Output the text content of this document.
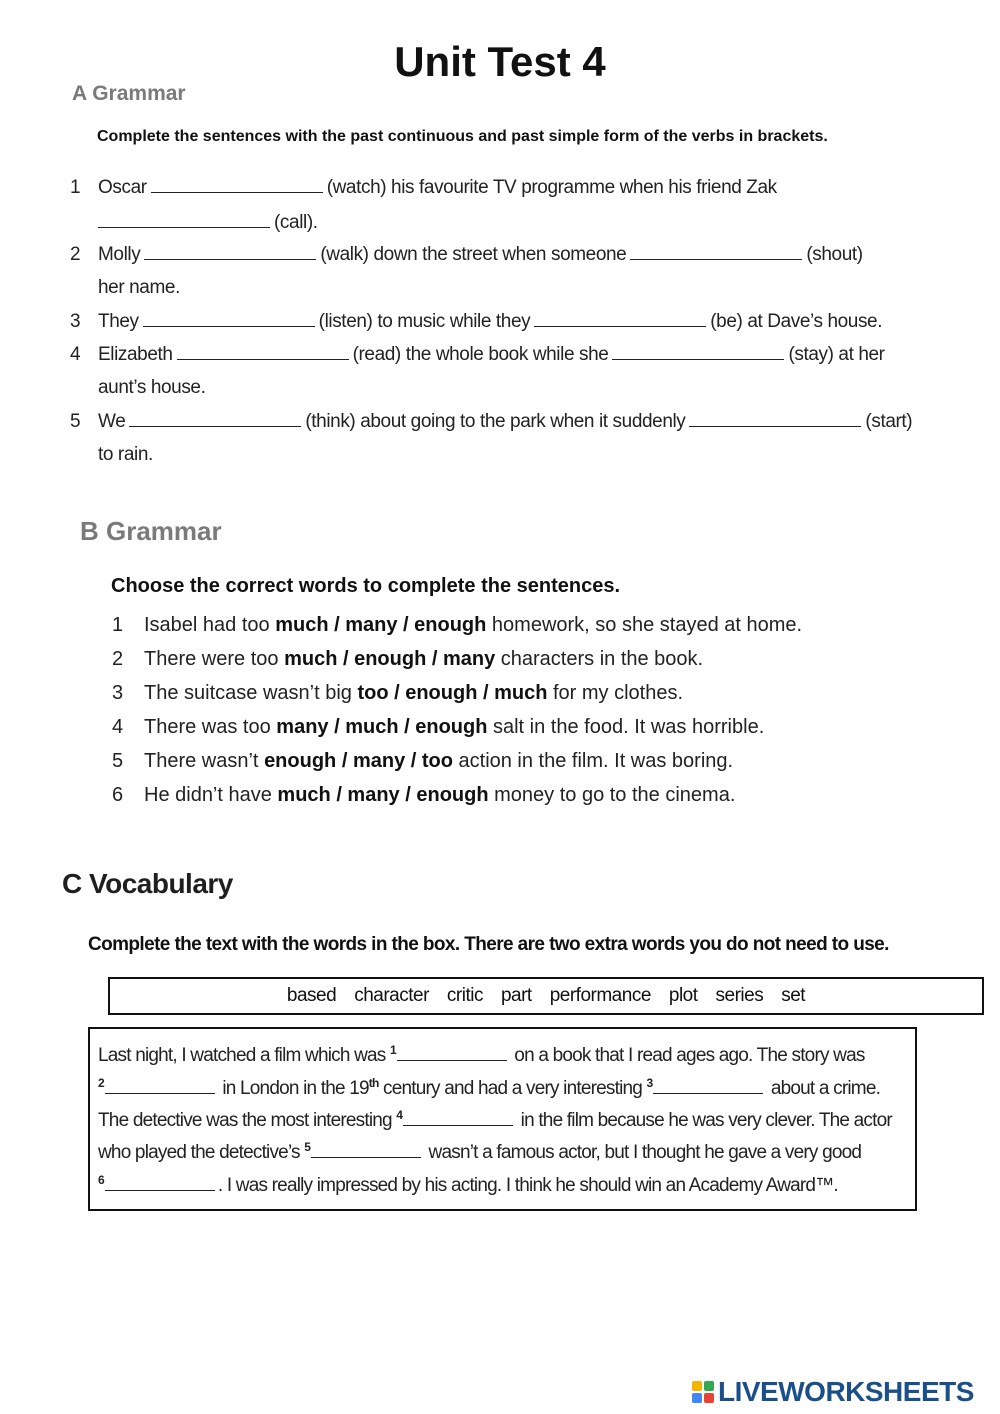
Unit Test 4
A Grammar
Complete the sentences with the past continuous and past simple form of the verbs in brackets.
1 Oscar	(watch) his favourite TV programme when his friend Zak
(call).
2 Molly	(walk) down the street when someone	(shout)
her name.
3 They	(listen) to music while they	(be) at Dave’s house.
4 Elizabeth	(read) the whole book while she	(stay) at her
aunt’s house.
5 We	(think) about going to the park when it suddenly	(start)
to rain.
B Grammar
Choose the correct words to complete the sentences.
1 Isabel had too much / many / enough homework, so she stayed at home.
2 There were too much / enough / many characters in the book.
3 The suitcase wasn’t big too / enough / much for my clothes.
4 There was too many / much / enough salt in the food. It was horrible.
5 There wasn’t enough / many / too action in the film. It was boring.
6 He didn’t have much / many / enough money to go to the cinema.
C Vocabulary
Complete the text with the words in the box. There are two extra words you do not need to use.
based character critic part performance plot series set
Last night, I watched a film which was $^1$	on a book that I read ages ago. The story was
$^2$	in London in the 19th century and had a very interesting $^3$	about a crime.
The detective was the most interesting $^4$	in the film because he was very clever. The actor
who played the detective’s $^5$	wasn’t a famous actor, but I thought he gave a very good
$^6$	. I was really impressed by his acting. I think he should win an Academy Award™.
LIVEWORKSHEETS
